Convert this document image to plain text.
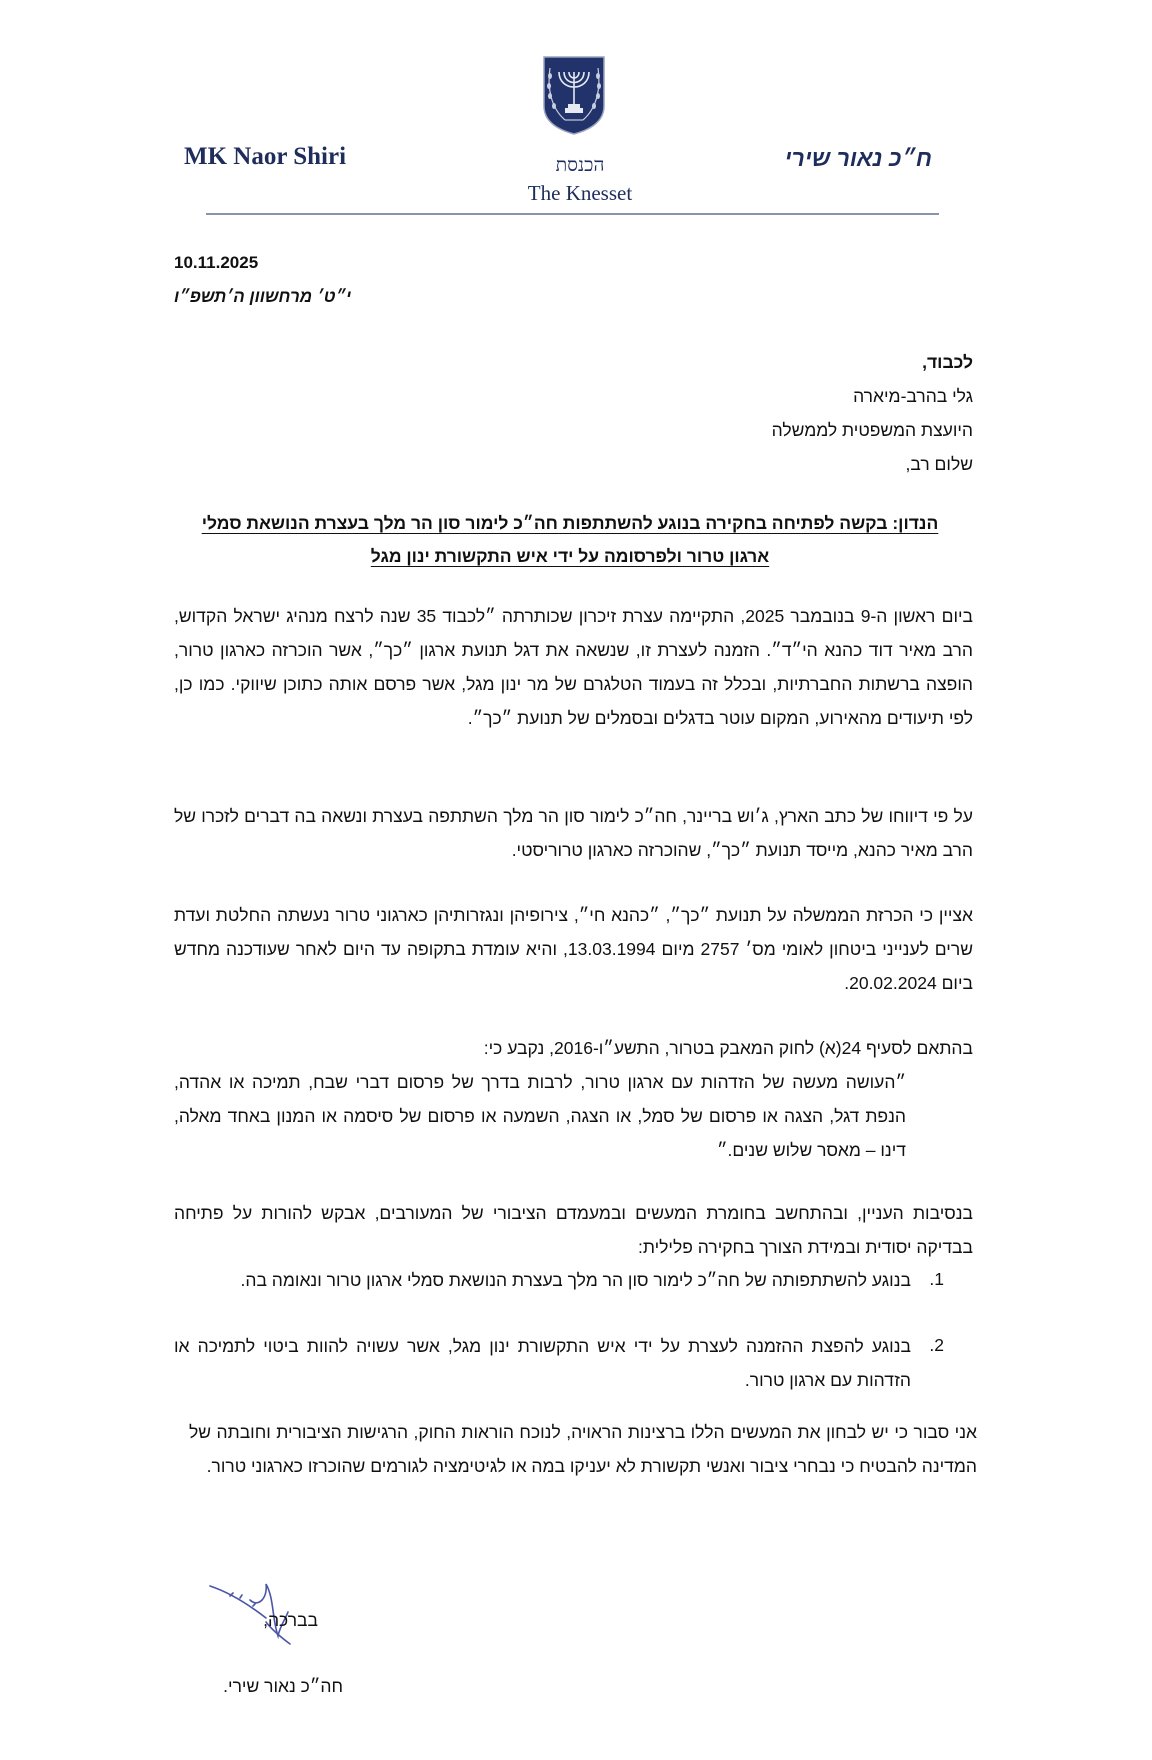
MK Naor Shiri	ח״כ נאור שירי
הכנסת
The Knesset
10.11.2025
י״ט׳ מרחשוון ה׳תשפ״ו
לכבוד,
גלי בהרב-מיארה
היועצת המשפטית לממשלה
שלום רב,
הנדון: בקשה לפתיחה בחקירה בנוגע להשתתפות חה״כ לימור סון הר מלך בעצרת הנושאת סמלי
ארגון טרור ולפרסומה על ידי איש התקשורת ינון מגל
ביום ראשון ה-9 בנובמבר 2025, התקיימה עצרת זיכרון שכותרתה ״לכבוד 35 שנה לרצח מנהיג ישראל הקדוש, הרב מאיר דוד כהנא הי״ד״. הזמנה לעצרת זו, שנשאה את דגל תנועת ארגון ״כך״, אשר הוכרזה כארגון טרור, הופצה ברשתות החברתיות, ובכלל זה בעמוד הטלגרם של מר ינון מגל, אשר פרסם אותה כתוכן שיווקי. כמו כן, לפי תיעודים מהאירוע, המקום עוטר בדגלים ובסמלים של תנועת ״כך״.
על פי דיווחו של כתב הארץ, ג׳וש בריינר, חה״כ לימור סון הר מלך השתתפה בעצרת ונשאה בה דברים לזכרו של הרב מאיר כהנא, מייסד תנועת ״כך״, שהוכרזה כארגון טרוריסטי.
אציין כי הכרזת הממשלה על תנועת ״כך״, ״כהנא חי״, צירופיהן ונגזרותיהן כארגוני טרור נעשתה החלטת ועדת שרים לענייני ביטחון לאומי מס׳ 2757 מיום 13.03.1994, והיא עומדת בתקופה עד היום לאחר שעודכנה מחדש ביום 20.02.2024.
בהתאם לסעיף 24(א) לחוק המאבק בטרור, התשע״ו-2016, נקבע כי:
״העושה מעשה של הזדהות עם ארגון טרור, לרבות בדרך של פרסום דברי שבח, תמיכה או אהדה, הנפת דגל, הצגה או פרסום של סמל, או הצגה, השמעה או פרסום של סיסמה או המנון באחד מאלה, דינו – מאסר שלוש שנים.״
בנסיבות העניין, ובהתחשב בחומרת המעשים ובמעמדם הציבורי של המעורבים, אבקש להורות על פתיחה בבדיקה יסודית ובמידת הצורך בחקירה פלילית:
1.
בנוגע להשתתפותה של חה״כ לימור סון הר מלך בעצרת הנושאת סמלי ארגון טרור ונאומה בה.
2.
בנוגע להפצת ההזמנה לעצרת על ידי איש התקשורת ינון מגל, אשר עשויה להוות ביטוי לתמיכה או הזדהות עם ארגון טרור.
אני סבור כי יש לבחון את המעשים הללו ברצינות הראויה, לנוכח הוראות החוק, הרגישות הציבורית וחובתה של המדינה להבטיח כי נבחרי ציבור ואנשי תקשורת לא יעניקו במה או לגיטימציה לגורמים שהוכרזו כארגוני טרור.
בברכה,
חה״כ נאור שירי.
